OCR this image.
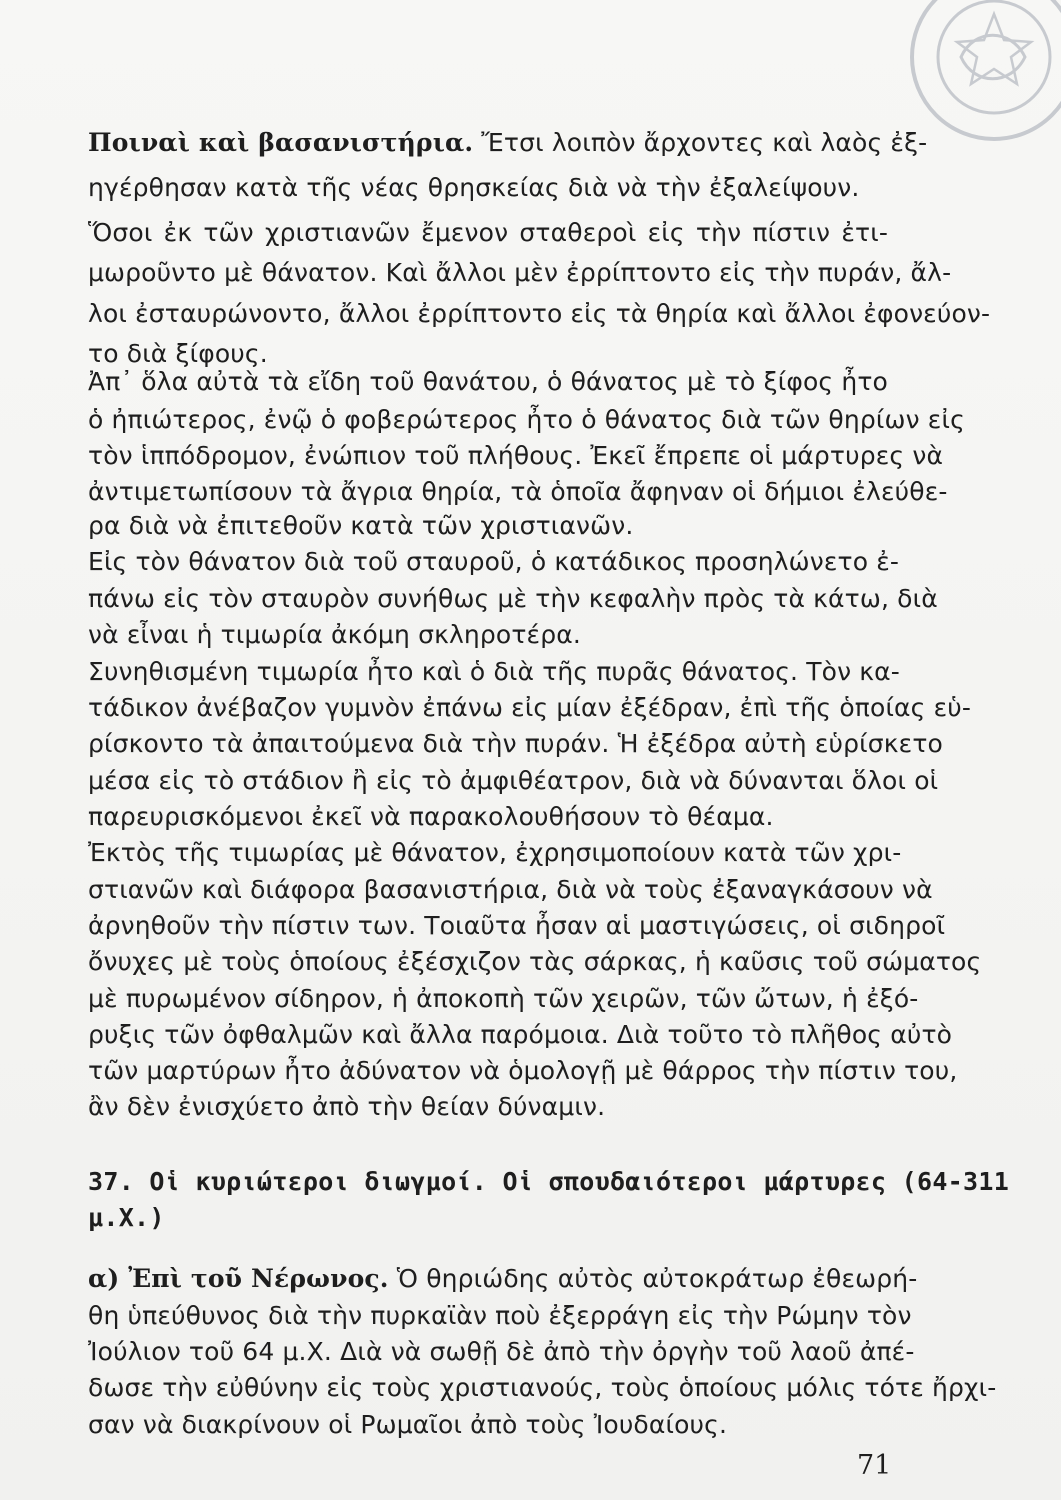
Ποιναὶ καὶ βασανιστήρια. Ἔτσι λοιπὸν ἄρχοντες καὶ λαὸς ἐξ-
ηγέρθησαν κατὰ τῆς νέας θρησκείας διὰ νὰ τὴν ἐξαλείψουν.
Ὅσοι ἐκ τῶν χριστιανῶν ἔμενον σταθεροὶ εἰς τὴν πίστιν ἐτι-
μωροῦντο μὲ θάνατον. Καὶ ἄλλοι μὲν ἐρρίπτοντο εἰς τὴν πυράν, ἄλ-
λοι ἐσταυρώνοντο, ἄλλοι ἐρρίπτοντο εἰς τὰ θηρία καὶ ἄλλοι ἐφονεύον-
το διὰ ξίφους.
Ἀπ᾿ ὅλα αὐτὰ τὰ εἴδη τοῦ θανάτου, ὁ θάνατος μὲ τὸ ξίφος ἦτο
ὁ ἠπιώτερος, ἐνῷ ὁ φοβερώτερος ἦτο ὁ θάνατος διὰ τῶν θηρίων εἰς
τὸν ἱππόδρομον, ἐνώπιον τοῦ πλήθους. Ἐκεῖ ἔπρεπε οἱ μάρτυρες νὰ
ἀντιμετωπίσουν τὰ ἄγρια θηρία, τὰ ὁποῖα ἄφηναν οἱ δήμιοι ἐλεύθε-
ρα διὰ νὰ ἐπιτεθοῦν κατὰ τῶν χριστιανῶν.
Εἰς τὸν θάνατον διὰ τοῦ σταυροῦ, ὁ κατάδικος προσηλώνετο ἐ-
πάνω εἰς τὸν σταυρὸν συνήθως μὲ τὴν κεφαλὴν πρὸς τὰ κάτω, διὰ
νὰ εἶναι ἡ τιμωρία ἀκόμη σκληροτέρα.
Συνηθισμένη τιμωρία ἦτο καὶ ὁ διὰ τῆς πυρᾶς θάνατος. Τὸν κα-
τάδικον ἀνέβαζον γυμνὸν ἐπάνω εἰς μίαν ἐξέδραν, ἐπὶ τῆς ὁποίας εὑ-
ρίσκοντο τὰ ἀπαιτούμενα διὰ τὴν πυράν. Ἡ ἐξέδρα αὐτὴ εὑρίσκετο
μέσα εἰς τὸ στάδιον ἢ εἰς τὸ ἀμφιθέατρον, διὰ νὰ δύνανται ὅλοι οἱ
παρευρισκόμενοι ἐκεῖ νὰ παρακολουθήσουν τὸ θέαμα.
Ἐκτὸς τῆς τιμωρίας μὲ θάνατον, ἐχρησιμοποίουν κατὰ τῶν χρι-
στιανῶν καὶ διάφορα βασανιστήρια, διὰ νὰ τοὺς ἐξαναγκάσουν νὰ
ἀρνηθοῦν τὴν πίστιν των. Τοιαῦτα ἦσαν αἱ μαστιγώσεις, οἱ σιδηροῖ
ὄνυχες μὲ τοὺς ὁποίους ἐξέσχιζον τὰς σάρκας, ἡ καῦσις τοῦ σώματος
μὲ πυρωμένον σίδηρον, ἡ ἀποκοπὴ τῶν χειρῶν, τῶν ὤτων, ἡ ἐξό-
ρυξις τῶν ὀφθαλμῶν καὶ ἄλλα παρόμοια. Διὰ τοῦτο τὸ πλῆθος αὐτὸ
τῶν μαρτύρων ἦτο ἀδύνατον νὰ ὁμολογῇ μὲ θάρρος τὴν πίστιν του,
ἂν δὲν ἐνισχύετο ἀπὸ τὴν θείαν δύναμιν.
37. Οἱ κυριώτεροι διωγμοί. Οἱ σπουδαιότεροι μάρτυρες (64-311
μ.Χ.)
α) Ἐπὶ τοῦ Νέρωνος. Ὁ θηριώδης αὐτὸς αὐτοκράτωρ ἐθεωρή-
θη ὑπεύθυνος διὰ τὴν πυρκαϊὰν ποὺ ἐξερράγη εἰς τὴν Ρώμην τὸν
Ἰούλιον τοῦ 64 μ.Χ. Διὰ νὰ σωθῇ δὲ ἀπὸ τὴν ὀργὴν τοῦ λαοῦ ἀπέ-
δωσε τὴν εὐθύνην εἰς τοὺς χριστιανούς, τοὺς ὁποίους μόλις τότε ἤρχι-
σαν νὰ διακρίνουν οἱ Ρωμαῖοι ἀπὸ τοὺς Ἰουδαίους.
71
